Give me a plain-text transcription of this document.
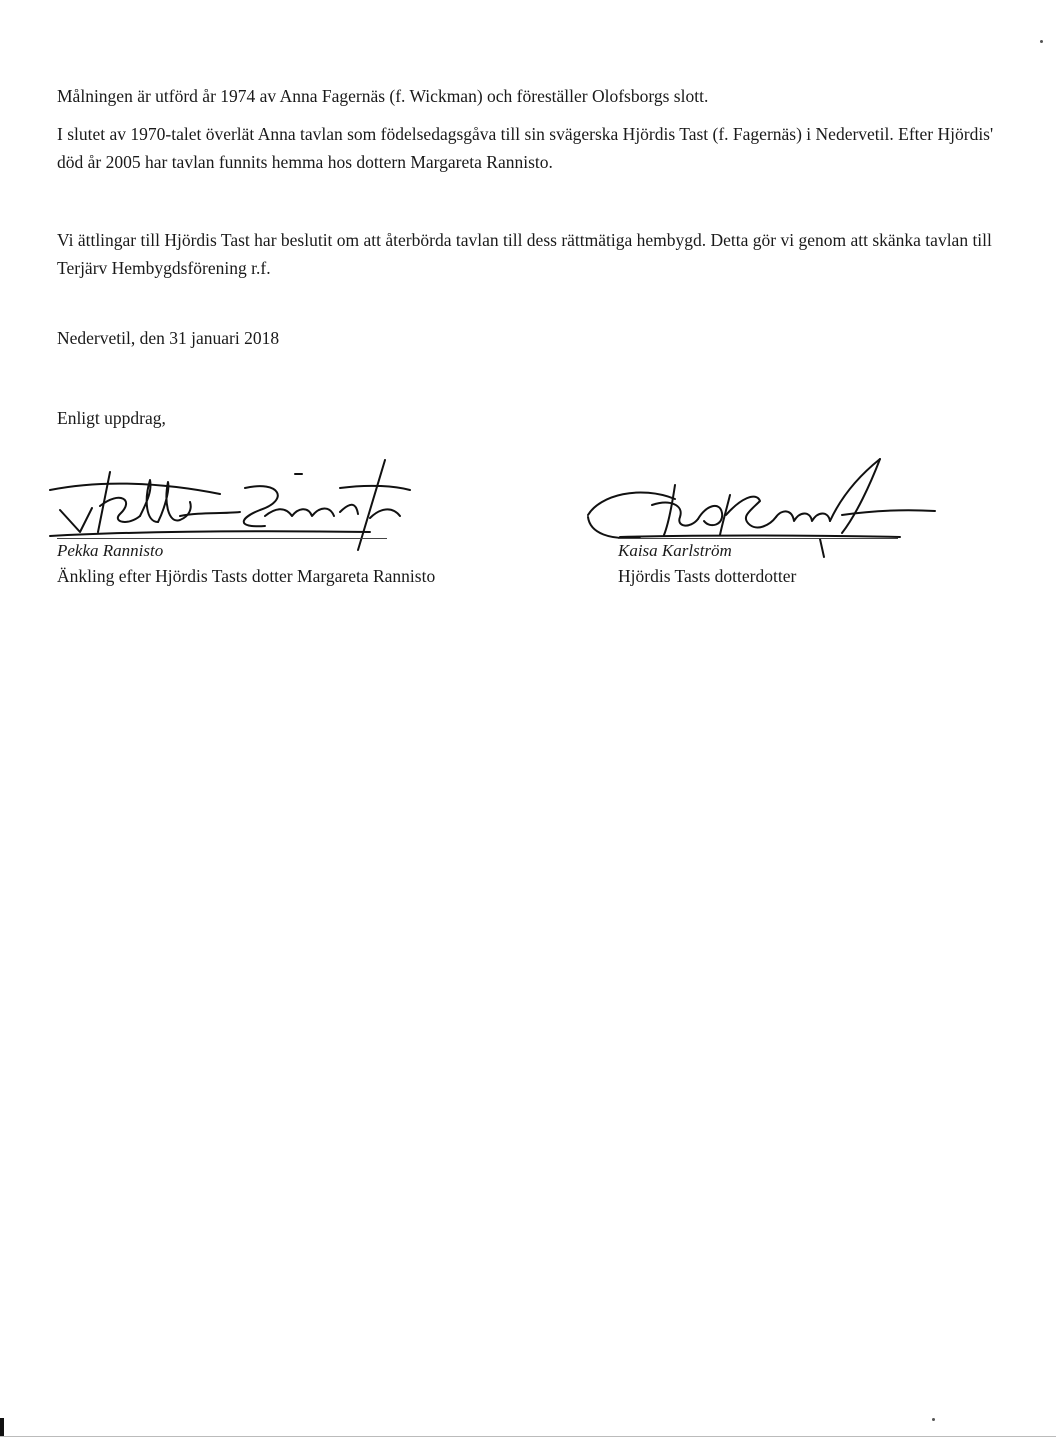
Målningen är utförd år 1974 av Anna Fagernäs (f. Wickman) och föreställer Olofsborgs slott.

I slutet av 1970-talet överlät Anna tavlan som födelsedagsgåva till sin svägerska Hjördis Tast (f. Fagernäs) i Nedervetil. Efter Hjördis' död år 2005 har tavlan funnits hemma hos dottern Margareta Rannisto.

Vi ättlingar till Hjördis Tast har beslutit om att återbörda tavlan till dess rättmätiga hembygd. Detta gör vi genom att skänka tavlan till Terjärv Hembygdsförening r.f.

Nedervetil, den 31 januari 2018

Enligt uppdrag,

Pekka Rannisto
Änkling efter Hjördis Tasts dotter Margareta Rannisto
Kaisa Karlström
Hjördis Tasts dotterdotter
